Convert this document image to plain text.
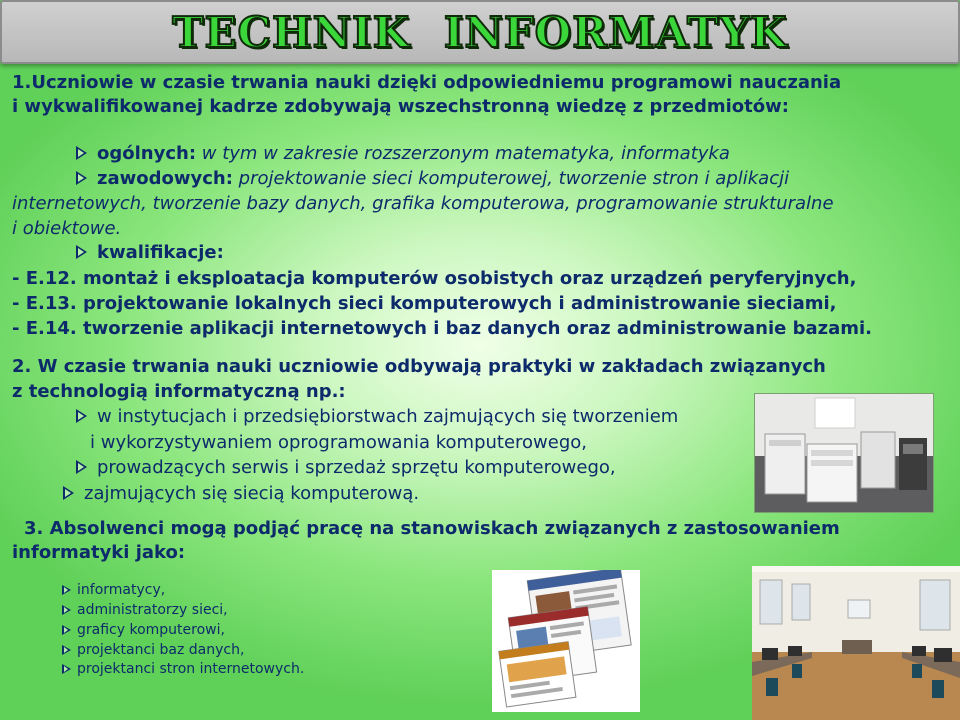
TECHNIK INFORMATYK
1.Uczniowie w czasie trwania nauki dzięki odpowiedniemu programowi nauczania
i wykwalifikowanej kadrze zdobywają wszechstronną wiedzę z przedmiotów:
ogólnych: w tym w zakresie rozszerzonym matematyka, informatyka
zawodowych: projektowanie sieci komputerowej, tworzenie stron i aplikacji
internetowych, tworzenie bazy danych, grafika komputerowa, programowanie strukturalne
i obiektowe.
kwalifikacje:
- E.12. montaż i eksploatacja komputerów osobistych oraz urządzeń peryferyjnych,
- E.13. projektowanie lokalnych sieci komputerowych i administrowanie sieciami,
- E.14. tworzenie aplikacji internetowych i baz danych oraz administrowanie bazami.
2. W czasie trwania nauki uczniowie odbywają praktyki w zakładach związanych
z technologią informatyczną np.:
w instytucjach i przedsiębiorstwach zajmujących się tworzeniem
i wykorzystywaniem oprogramowania komputerowego,
prowadzących serwis i sprzedaż sprzętu komputerowego,
zajmujących się siecią komputerową.
3. Absolwenci mogą podjąć pracę na stanowiskach związanych z zastosowaniem
informatyki jako:
informatycy,
administratorzy sieci,
graficy komputerowi,
projektanci baz danych,
projektanci stron internetowych.
